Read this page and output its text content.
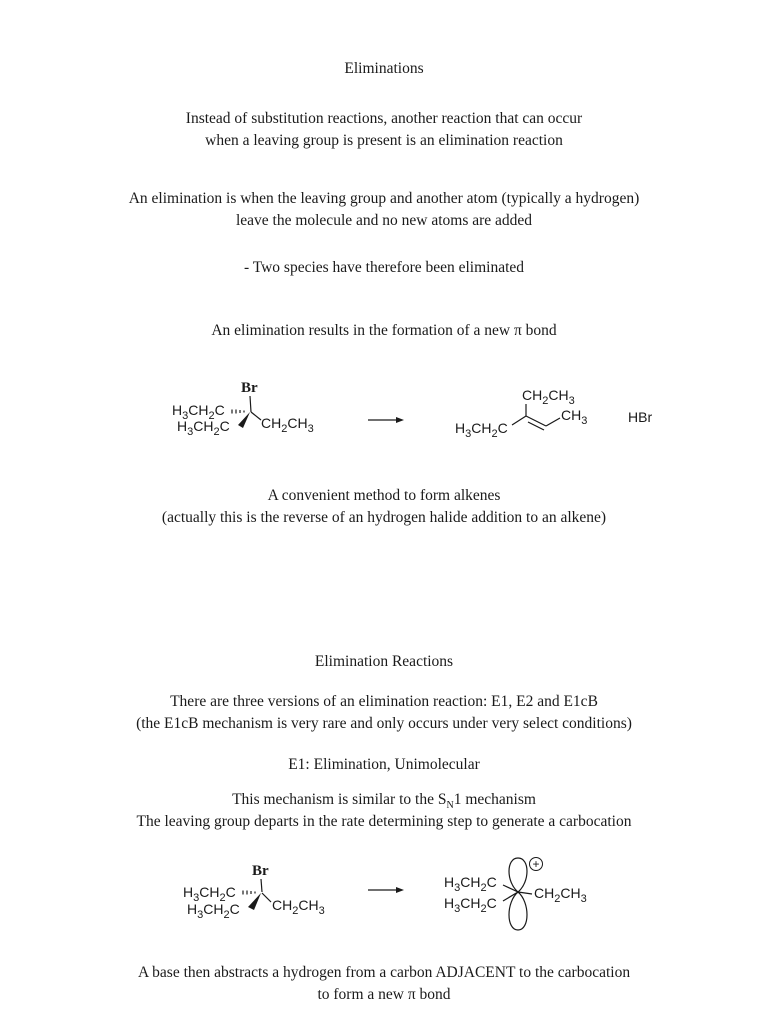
Eliminations
Instead of substitution reactions, another reaction that can occur
when a leaving group is present is an elimination reaction
An elimination is when the leaving group and another atom (typically a hydrogen)
leave the molecule and no new atoms are added
- Two species have therefore been eliminated
An elimination results in the formation of a new π bond
Br
$H_3CH_2C$
$H_3CH_2C$ $CH_2CH_3$
$CH_2CH_3$
$CH_3$
$H_3CH_2C$
HBr
A convenient method to form alkenes
(actually this is the reverse of an hydrogen halide addition to an alkene)
Elimination Reactions
There are three versions of an elimination reaction: E1, E2 and E1cB
(the E1cB mechanism is very rare and only occurs under very select conditions)
E1: Elimination, Unimolecular
This mechanism is similar to the $S_N1$ mechanism
The leaving group departs in the rate determining step to generate a carbocation
Br
$H_3CH_2C$
$H_3CH_2C$ $CH_2CH_3$
$H_3CH_2C$
$H_3CH_2C$
$CH_2CH_3$
+
A base then abstracts a hydrogen from a carbon ADJACENT to the carbocation
to form a new π bond
